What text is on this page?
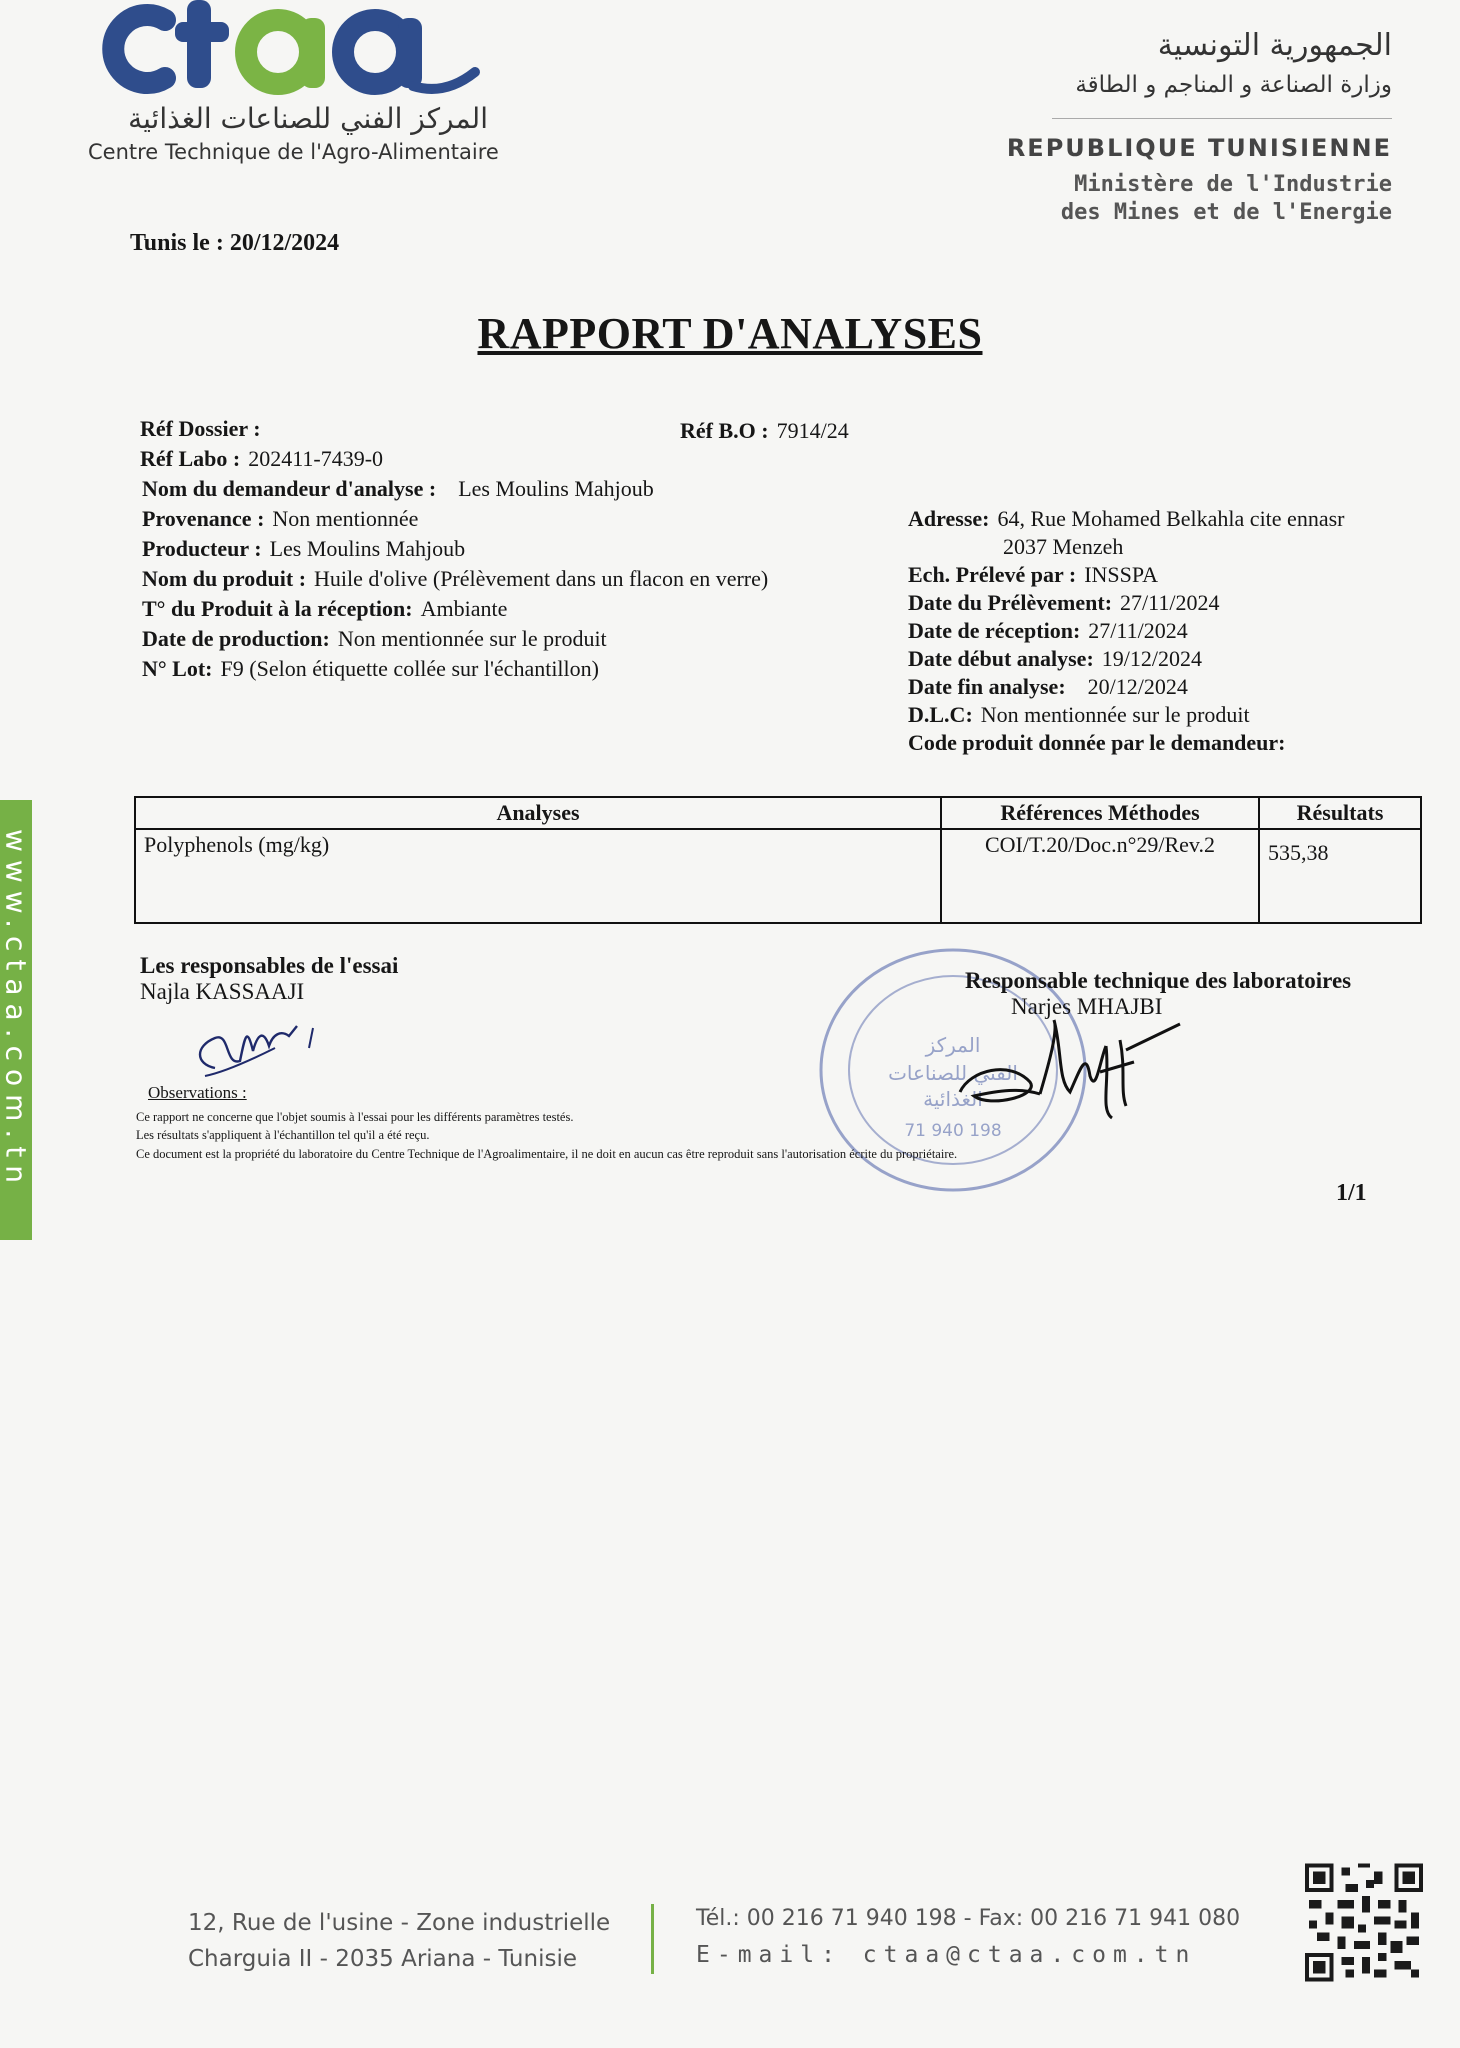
المركز الفني للصناعات الغذائية
Centre Technique de l'Agro-Alimentaire
الجمهورية التونسية
وزارة الصناعة و المناجم و الطاقة
REPUBLIQUE TUNISIENNE
Ministère de l'Industrie
des Mines et de l'Energie
Tunis le : 20/12/2024
RAPPORT D'ANALYSES
Réf Dossier :	Réf B.O : 7914/24
Réf Labo : 202411-7439-0
Nom du demandeur d'analyse : Les Moulins Mahjoub
Provenance : Non mentionnée
Producteur : Les Moulins Mahjoub
Nom du produit : Huile d'olive (Prélèvement dans un flacon en verre)
T° du Produit à la réception: Ambiante
Date de production: Non mentionnée sur le produit
N° Lot: F9 (Selon étiquette collée sur l'échantillon)
Adresse: 64, Rue Mohamed Belkahla cite ennasr
2037 Menzeh
Ech. Prélevé par : INSSPA
Date du Prélèvement: 27/11/2024
Date de réception: 27/11/2024
Date début analyse: 19/12/2024
Date fin analyse: 20/12/2024
D.L.C: Non mentionnée sur le produit
Code produit donnée par le demandeur:
www.ctaa.com.tn
Analyses	Références Méthodes	Résultats
Polyphenols (mg/kg)	COI/T.20/Doc.n°29/Rev.2	535,38
Les responsables de l'essai
Najla KASSAAJI
المركز
الفني للصناعات
الغذائية
71 940 198
Responsable technique des laboratoires
Narjes MHAJBI
Observations :
Ce rapport ne concerne que l'objet soumis à l'essai pour les différents paramètres testés.
Les résultats s'appliquent à l'échantillon tel qu'il a été reçu.
Ce document est la propriété du laboratoire du Centre Technique de l'Agroalimentaire, il ne doit en aucun cas être reproduit sans l'autorisation écrite du propriétaire.
1/1
12, Rue de l'usine - Zone industrielle
Charguia II - 2035 Ariana - Tunisie
Tél.: 00 216 71 940 198 - Fax: 00 216 71 941 080
E-mail: ctaa@ctaa.com.tn
